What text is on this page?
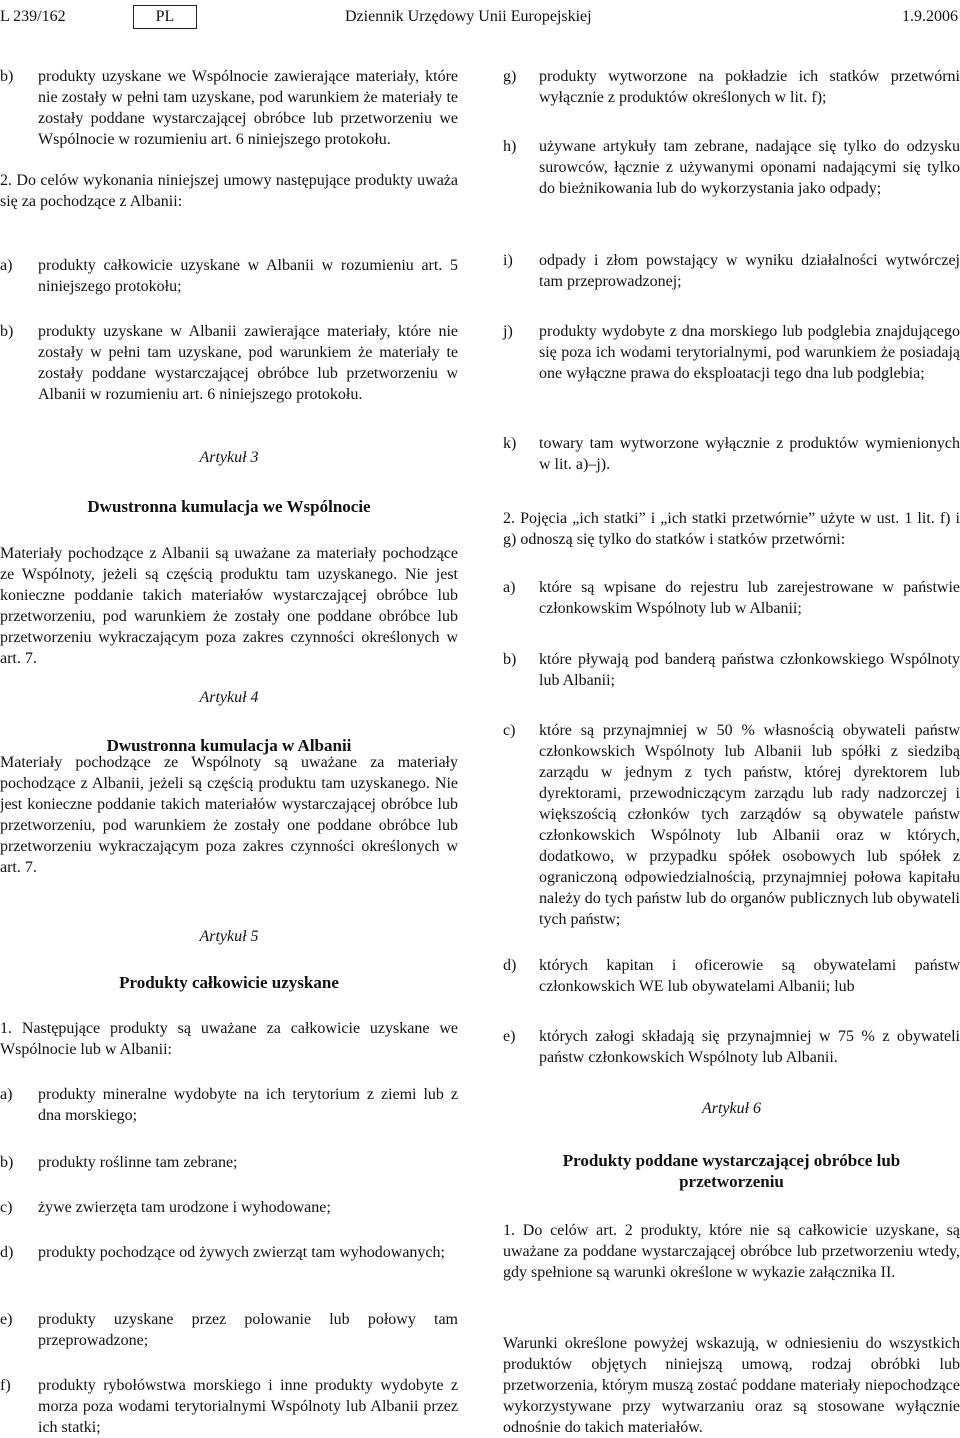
L 239/162	PL	Dziennik Urzędowy Unii Europejskiej	1.9.2006
b) produkty uzyskane we Wspólnocie zawierające materiały, które nie zostały w pełni tam uzyskane, pod warunkiem że materiały te zostały poddane wystarczającej obróbce lub przetworzeniu we Wspólnocie w rozumieniu art. 6 niniejszego protokołu.
2. Do celów wykonania niniejszej umowy następujące produkty uważa się za pochodzące z Albanii:
a) produkty całkowicie uzyskane w Albanii w rozumieniu art. 5 niniejszego protokołu;
b) produkty uzyskane w Albanii zawierające materiały, które nie zostały w pełni tam uzyskane, pod warunkiem że materiały te zostały poddane wystarczającej obróbce lub przetworzeniu w Albanii w rozumieniu art. 6 niniejszego protokołu.
Artykuł 3
Dwustronna kumulacja we Wspólnocie
Materiały pochodzące z Albanii są uważane za materiały pochodzące ze Wspólnoty, jeżeli są częścią produktu tam uzyskanego. Nie jest konieczne poddanie takich materiałów wystarczającej obróbce lub przetworzeniu, pod warunkiem że zostały one poddane obróbce lub przetworzeniu wykraczającym poza zakres czynności określonych w art. 7.
Artykuł 4
Dwustronna kumulacja w Albanii
Materiały pochodzące ze Wspólnoty są uważane za materiały pochodzące z Albanii, jeżeli są częścią produktu tam uzyskanego. Nie jest konieczne poddanie takich materiałów wystarczającej obróbce lub przetworzeniu, pod warunkiem że zostały one poddane obróbce lub przetworzeniu wykraczającym poza zakres czynności określonych w art. 7.
Artykuł 5
Produkty całkowicie uzyskane
1. Następujące produkty są uważane za całkowicie uzyskane we Wspólnocie lub w Albanii:
a) produkty mineralne wydobyte na ich terytorium z ziemi lub z dna morskiego;
b) produkty roślinne tam zebrane;
c) żywe zwierzęta tam urodzone i wyhodowane;
d) produkty pochodzące od żywych zwierząt tam wyhodowanych;
e) produkty uzyskane przez polowanie lub połowy tam przeprowadzone;
f) produkty rybołówstwa morskiego i inne produkty wydobyte z morza poza wodami terytorialnymi Wspólnoty lub Albanii przez ich statki;
g) produkty wytworzone na pokładzie ich statków przetwórni wyłącznie z produktów określonych w lit. f);
h) używane artykuły tam zebrane, nadające się tylko do odzysku surowców, łącznie z używanymi oponami nadającymi się tylko do bieżnikowania lub do wykorzystania jako odpady;
i) odpady i złom powstający w wyniku działalności wytwórczej tam przeprowadzonej;
j) produkty wydobyte z dna morskiego lub podglebia znajdującego się poza ich wodami terytorialnymi, pod warunkiem że posiadają one wyłączne prawa do eksploatacji tego dna lub podglebia;
k) towary tam wytworzone wyłącznie z produktów wymienionych w lit. a)–j).
2. Pojęcia „ich statki” i „ich statki przetwórnie” użyte w ust. 1 lit. f) i g) odnoszą się tylko do statków i statków przetwórni:
a) które są wpisane do rejestru lub zarejestrowane w państwie członkowskim Wspólnoty lub w Albanii;
b) które pływają pod banderą państwa członkowskiego Wspólnoty lub Albanii;
c) które są przynajmniej w 50 % własnością obywateli państw członkowskich Wspólnoty lub Albanii lub spółki z siedzibą zarządu w jednym z tych państw, której dyrektorem lub dyrektorami, przewodniczącym zarządu lub rady nadzorczej i większością członków tych zarządów są obywatele państw członkowskich Wspólnoty lub Albanii oraz w których, dodatkowo, w przypadku spółek osobowych lub spółek z ograniczoną odpowiedzialnością, przynajmniej połowa kapitału należy do tych państw lub do organów publicznych lub obywateli tych państw;
d) których kapitan i oficerowie są obywatelami państw członkowskich WE lub obywatelami Albanii; lub
e) których załogi składają się przynajmniej w 75 % z obywateli państw członkowskich Wspólnoty lub Albanii.
Artykuł 6
Produkty poddane wystarczającej obróbce lub przetworzeniu
1. Do celów art. 2 produkty, które nie są całkowicie uzyskane, są uważane za poddane wystarczającej obróbce lub przetworzeniu wtedy, gdy spełnione są warunki określone w wykazie załącznika II.
Warunki określone powyżej wskazują, w odniesieniu do wszystkich produktów objętych niniejszą umową, rodzaj obróbki lub przetworzenia, którym muszą zostać poddane materiały niepochodzące wykorzystywane przy wytwarzaniu oraz są stosowane wyłącznie odnośnie do takich materiałów.
